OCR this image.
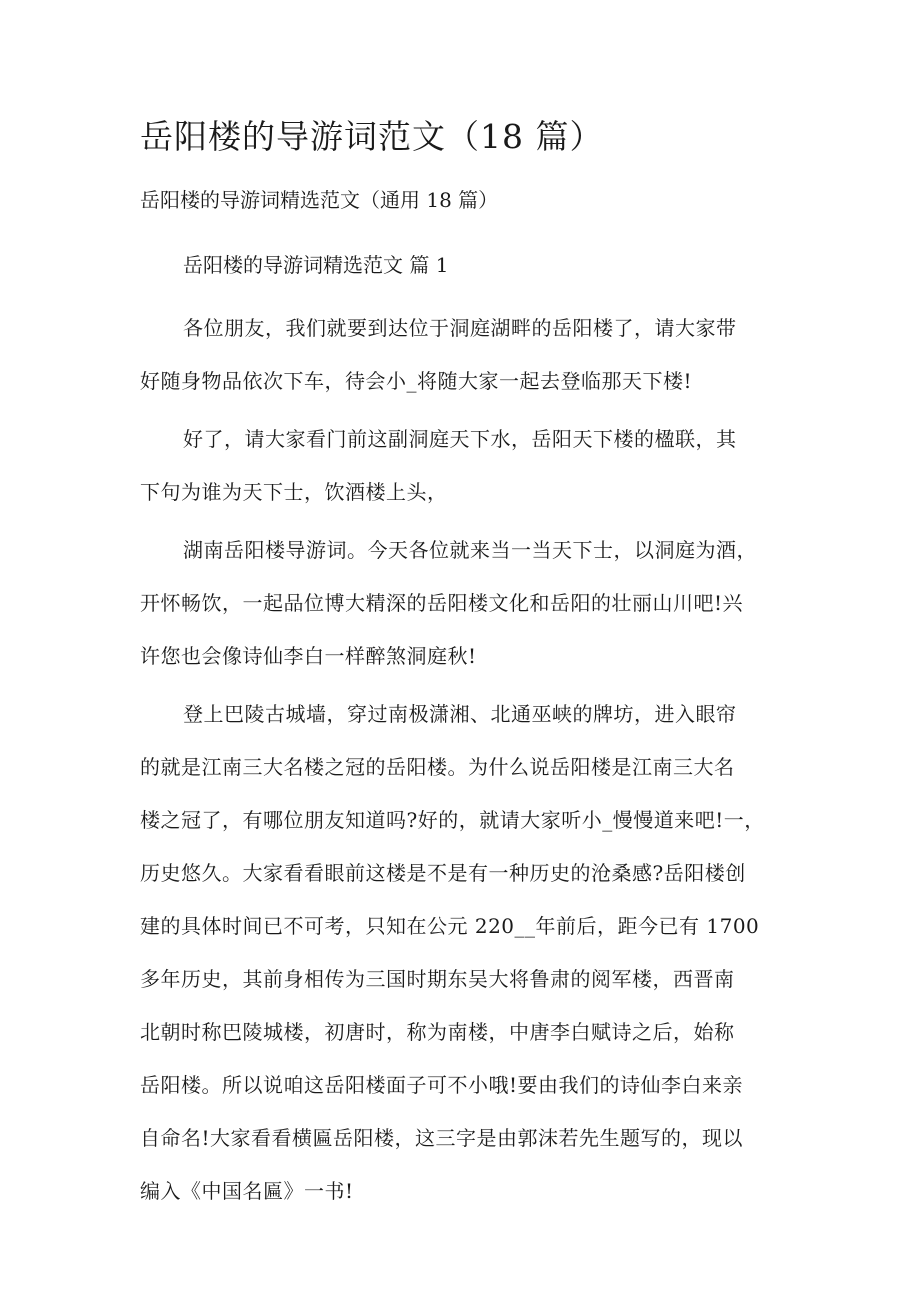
岳阳楼的导游词范文（18 篇）
岳阳楼的导游词精选范文（通用 18 篇）
岳阳楼的导游词精选范文 篇 1
各位朋友，我们就要到达位于洞庭湖畔的岳阳楼了，请大家带
好随身物品依次下车，待会小_将随大家一起去登临那天下楼!
好了，请大家看门前这副洞庭天下水，岳阳天下楼的楹联，其
下句为谁为天下士，饮酒楼上头，
湖南岳阳楼导游词。今天各位就来当一当天下士，以洞庭为酒，
开怀畅饮，一起品位博大精深的岳阳楼文化和岳阳的壮丽山川吧!兴
许您也会像诗仙李白一样醉煞洞庭秋!
登上巴陵古城墙，穿过南极潇湘、北通巫峡的牌坊，进入眼帘
的就是江南三大名楼之冠的岳阳楼。为什么说岳阳楼是江南三大名
楼之冠了，有哪位朋友知道吗?好的，就请大家听小_慢慢道来吧!一，
历史悠久。大家看看眼前这楼是不是有一种历史的沧桑感?岳阳楼创
建的具体时间已不可考，只知在公元 220__年前后，距今已有 1700
多年历史，其前身相传为三国时期东吴大将鲁肃的阅军楼，西晋南
北朝时称巴陵城楼，初唐时，称为南楼，中唐李白赋诗之后，始称
岳阳楼。所以说咱这岳阳楼面子可不小哦!要由我们的诗仙李白来亲
自命名!大家看看横匾岳阳楼，这三字是由郭沫若先生题写的，现以
编入《中国名匾》一书!
